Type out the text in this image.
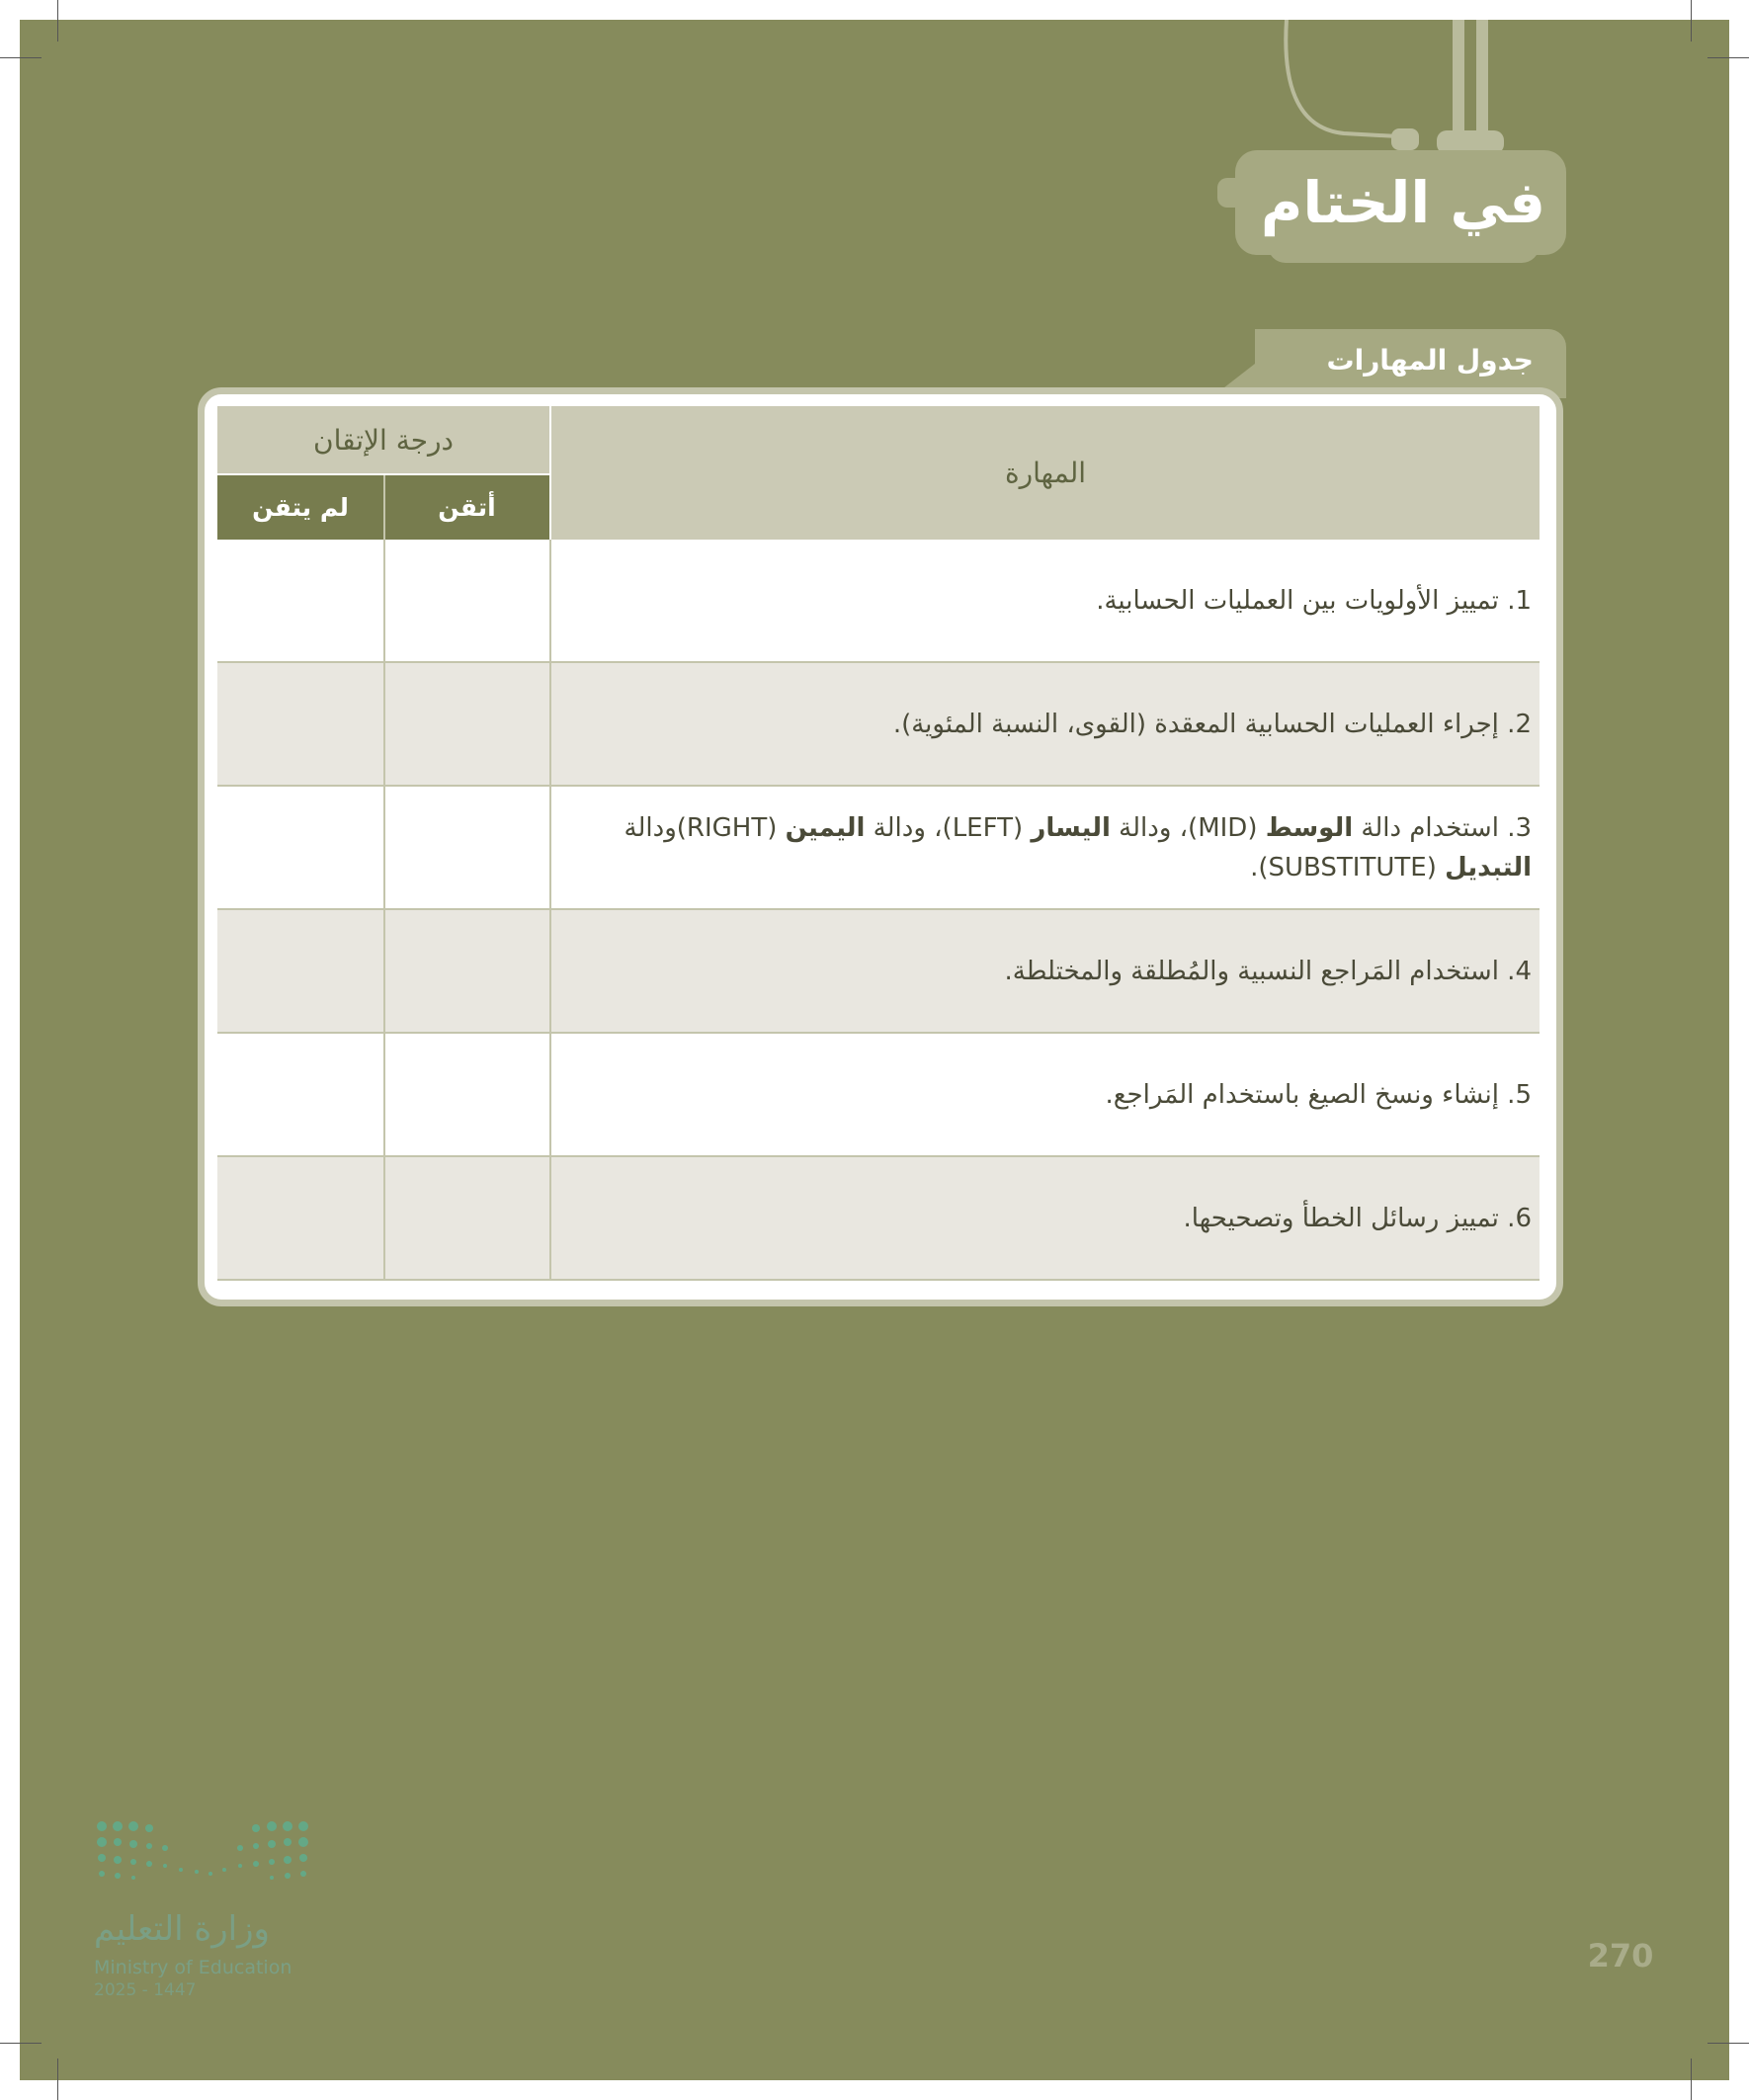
في الختام
جدول المهارات
المهارة
درجة الإتقان
أتقن
لم يتقن
1. تمييز الأولويات بين العمليات الحسابية.
2. إجراء العمليات الحسابية المعقدة (القوى، النسبة المئوية).
3. استخدام دالة الوسط (MID)، ودالة اليسار (LEFT)، ودالة اليمين (RIGHT)ودالة التبديل (SUBSTITUTE).
4. استخدام المَراجع النسبية والمُطلقة والمختلطة.
5. إنشاء ونسخ الصيغ باستخدام المَراجع.
6. تمييز رسائل الخطأ وتصحيحها.
وزارة التعليم
Ministry of Education
2025 - 1447
270
